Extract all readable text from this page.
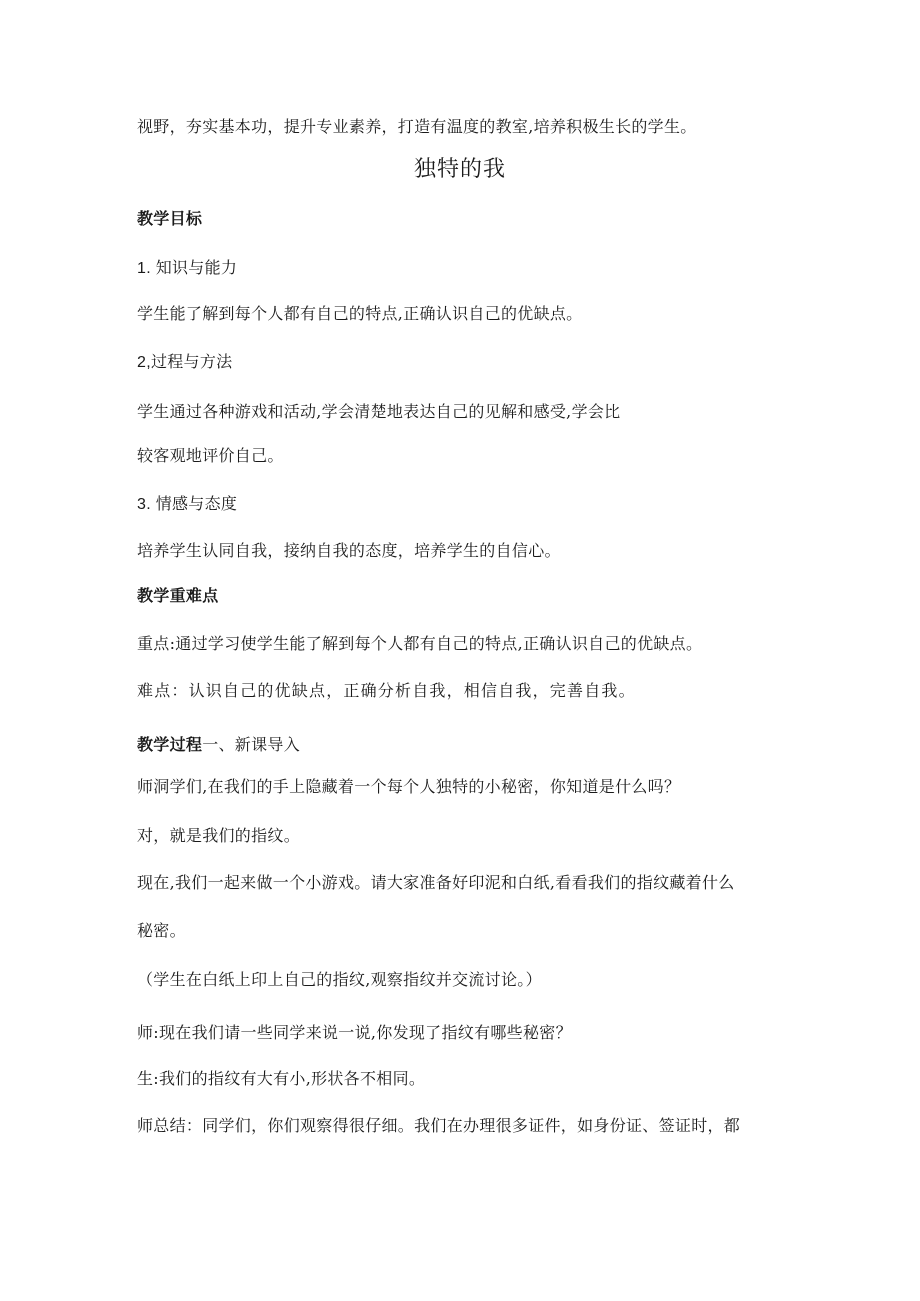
视野，夯实基本功，提升专业素养，打造有温度的教室,培养积极生长的学生。
独特的我
教学目标
1. 知识与能力
学生能了解到每个人都有自己的特点,正确认识自己的优缺点。
2,过程与方法
学生通过各种游戏和活动,学会清楚地表达自己的见解和感受,学会比
较客观地评价自己。
3. 情感与态度
培养学生认同自我，接纳自我的态度，培养学生的自信心。
教学重难点
重点:通过学习使学生能了解到每个人都有自己的特点,正确认识自己的优缺点。
难点：认识自己的优缺点，正确分析自我，相信自我，完善自我。
教学过程一、新课导入
师洞学们,在我们的手上隐藏着一个每个人独特的小秘密，你知道是什么吗？
对，就是我们的指纹。
现在,我们一起来做一个小游戏。请大家准备好印泥和白纸,看看我们的指纹藏着什么
秘密。
（学生在白纸上印上自己的指纹,观察指纹并交流讨论。）
师:现在我们请一些同学来说一说,你发现了指纹有哪些秘密？
生:我们的指纹有大有小,形状各不相同。
师总结：同学们，你们观察得很仔细。我们在办理很多证件，如身份证、签证时，都
